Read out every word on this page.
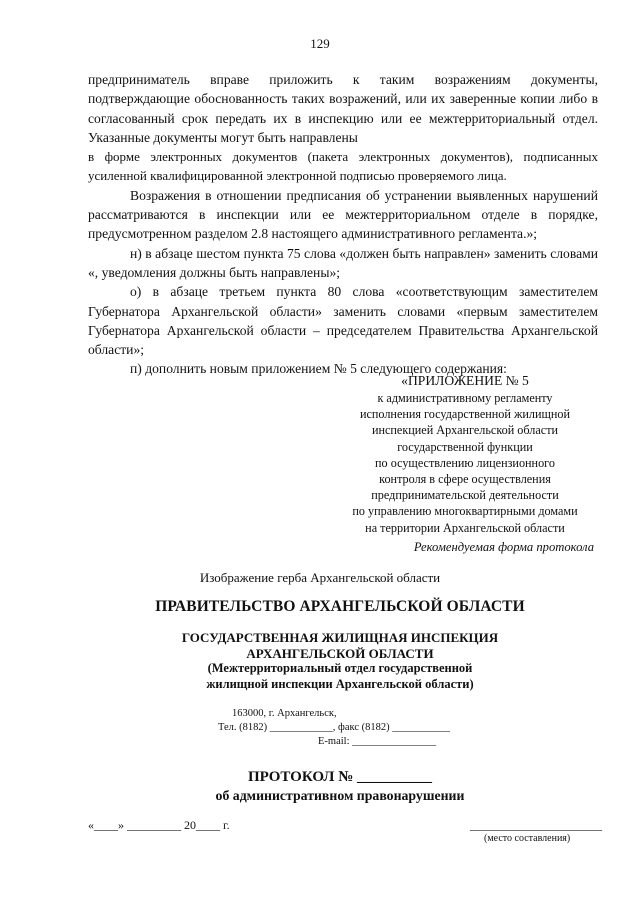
129

предприниматель вправе приложить к таким возражениям документы, подтверждающие обоснованность таких возражений, или их заверенные копии либо в согласованный срок передать их в инспекцию или ее межтерриториальный отдел. Указанные документы могут быть направлены

в форме электронных документов (пакета электронных документов), подписанных усиленной квалифицированной электронной подписью проверяемого лица.

Возражения в отношении предписания об устранении выявленных нарушений рассматриваются в инспекции или ее межтерриториальном отделе в порядке, предусмотренном разделом 2.8 настоящего административного регламента.»;

н) в абзаце шестом пункта 75 слова «должен быть направлен» заменить словами «, уведомления должны быть направлены»;

о) в абзаце третьем пункта 80 слова «соответствующим заместителем Губернатора Архангельской области» заменить словами «первым заместителем Губернатора Архангельской области – председателем Правительства Архангельской области»;

п) дополнить новым приложением № 5 следующего содержания:

«ПРИЛОЖЕНИЕ № 5
к административному регламенту
исполнения государственной жилищной
инспекцией Архангельской области
государственной функции
по осуществлению лицензионного
контроля в сфере осуществления
предпринимательской деятельности
по управлению многоквартирными домами
на территории Архангельской области
Рекомендуемая форма протокола
Изображение герба Архангельской области
ПРАВИТЕЛЬСТВО АРХАНГЕЛЬСКОЙ ОБЛАСТИ
ГОСУДАРСТВЕННАЯ ЖИЛИЩНАЯ ИНСПЕКЦИЯ
АРХАНГЕЛЬСКОЙ ОБЛАСТИ
(Межтерриториальный отдел государственной
жилищной инспекции Архангельской области)
163000, г. Архангельск,
Тел. (8182) ____________, факс (8182) ___________
E-mail: ________________
ПРОТОКОЛ № __________
об административном правонарушении
«____» _________ 20____ г.	______________________
(место составления)
